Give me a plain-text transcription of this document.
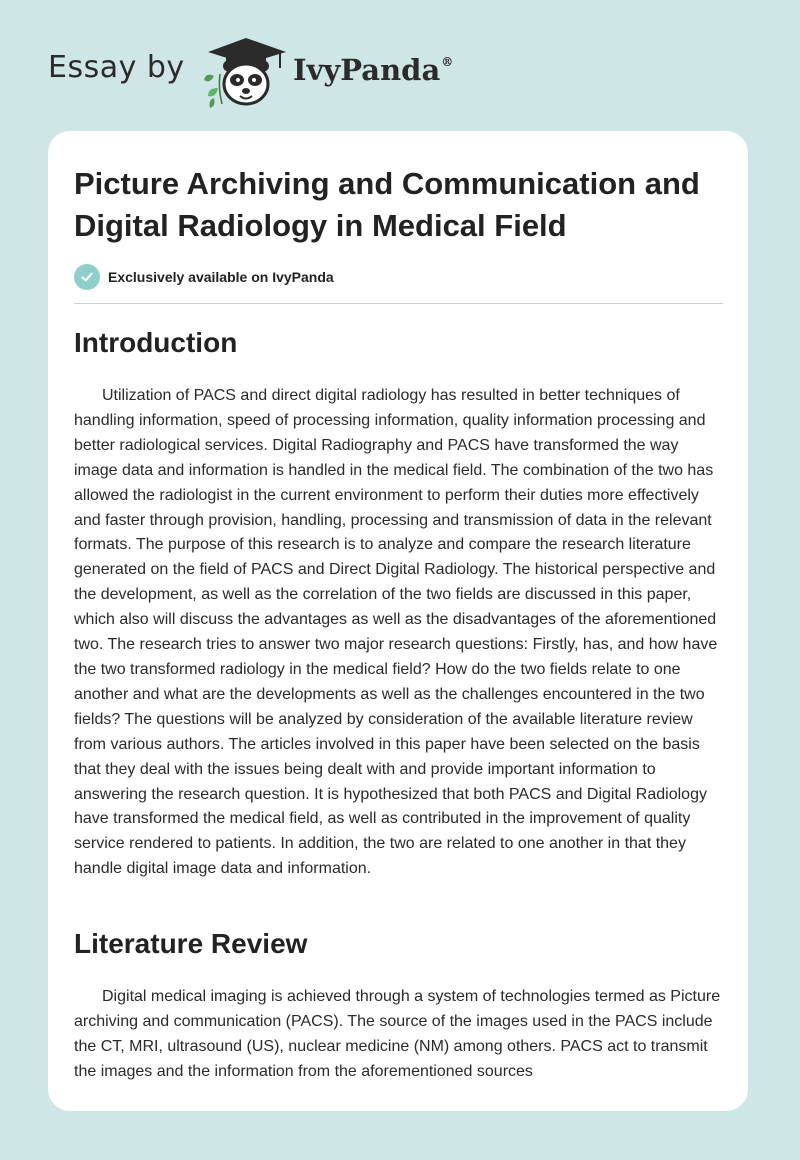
Essay by	IvyPanda®
Picture Archiving and Communication and Digital Radiology in Medical Field
Exclusively available on IvyPanda
Introduction

Utilization of PACS and direct digital radiology has resulted in better techniques of handling information, speed of processing information, quality information processing and better radiological services. Digital Radiography and PACS have transformed the way image data and information is handled in the medical field. The combination of the two has allowed the radiologist in the current environment to perform their duties more effectively and faster through provision, handling, processing and transmission of data in the relevant formats. The purpose of this research is to analyze and compare the research literature generated on the field of PACS and Direct Digital Radiology. The historical perspective and the development, as well as the correlation of the two fields are discussed in this paper, which also will discuss the advantages as well as the disadvantages of the aforementioned two. The research tries to answer two major research questions: Firstly, has, and how have the two transformed radiology in the medical field? How do the two fields relate to one another and what are the developments as well as the challenges encountered in the two fields? The questions will be analyzed by consideration of the available literature review from various authors. The articles involved in this paper have been selected on the basis that they deal with the issues being dealt with and provide important information to answering the research question. It is hypothesized that both PACS and Digital Radiology have transformed the medical field, as well as contributed in the improvement of quality service rendered to patients. In addition, the two are related to one another in that they handle digital image data and information.

Literature Review

Digital medical imaging is achieved through a system of technologies termed as Picture archiving and communication (PACS). The source of the images used in the PACS include the CT, MRI, ultrasound (US), nuclear medicine (NM) among others. PACS act to transmit the images and the information from the aforementioned sources
